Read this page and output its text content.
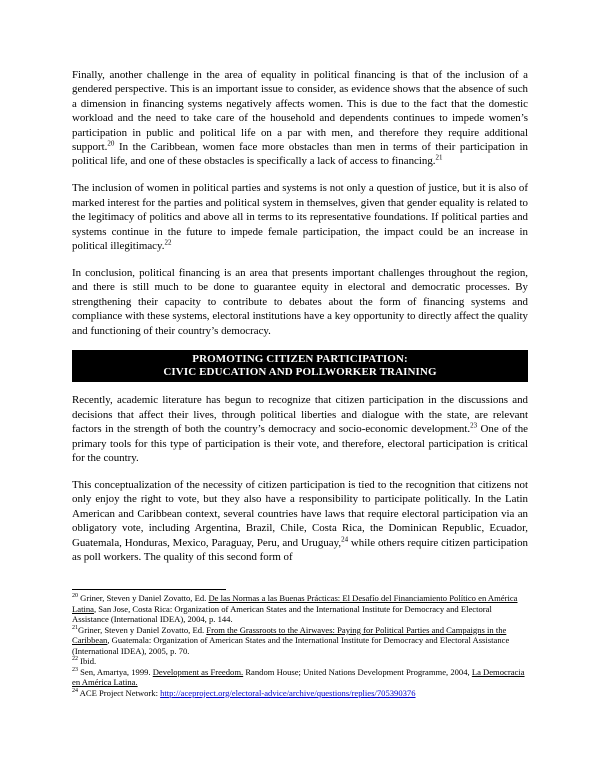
Finally, another challenge in the area of equality in political financing is that of the inclusion of a gendered perspective. This is an important issue to consider, as evidence shows that the absence of such a dimension in financing systems negatively affects women. This is due to the fact that the domestic workload and the need to take care of the household and dependents continues to impede women’s participation in public and political life on a par with men, and therefore they require additional support.$^{20}$ In the Caribbean, women face more obstacles than men in terms of their participation in political life, and one of these obstacles is specifically a lack of access to financing.$^{21}$

The inclusion of women in political parties and systems is not only a question of justice, but it is also of marked interest for the parties and political system in themselves, given that gender equality is related to the legitimacy of politics and above all in terms to its representative foundations. If political parties and systems continue in the future to impede female participation, the impact could be an increase in political illegitimacy.$^{22}$

In conclusion, political financing is an area that presents important challenges throughout the region, and there is still much to be done to guarantee equity in electoral and democratic processes. By strengthening their capacity to contribute to debates about the form of financing systems and compliance with these systems, electoral institutions have a key opportunity to directly affect the quality and functioning of their country’s democracy.

PROMOTING CITIZEN PARTICIPATION:
CIVIC EDUCATION AND POLLWORKER TRAINING

Recently, academic literature has begun to recognize that citizen participation in the discussions and decisions that affect their lives, through political liberties and dialogue with the state, are relevant factors in the strength of both the country’s democracy and socio-economic development.$^{23}$ One of the primary tools for this type of participation is their vote, and therefore, electoral participation is critical for the country.

This conceptualization of the necessity of citizen participation is tied to the recognition that citizens not only enjoy the right to vote, but they also have a responsibility to participate politically. In the Latin American and Caribbean context, several countries have laws that require electoral participation via an obligatory vote, including Argentina, Brazil, Chile, Costa Rica, the Dominican Republic, Ecuador, Guatemala, Honduras, Mexico, Paraguay, Peru, and Uruguay,$^{24}$ while others require citizen participation as poll workers. The quality of this second form of

$^{20}$ Griner, Steven y Daniel Zovatto, Ed. De las Normas a las Buenas Prácticas: El Desafío del Financiamiento Político en América Latina, San Jose, Costa Rica: Organization of American States and the International Institute for Democracy and Electoral Assistance (International IDEA), 2004, p. 144.

$^{21}$Griner, Steven y Daniel Zovatto, Ed. From the Grassroots to the Airwaves: Paying for Political Parties and Campaigns in the Caribbean, Guatemala: Organization of American States and the International Institute for Democracy and Electoral Assistance (International IDEA), 2005, p. 70.

$^{22}$ Ibid.

$^{23}$ Sen, Amartya, 1999. Development as Freedom. Random House; United Nations Development Programme, 2004, La Democracia en América Latina.

$^{24}$ ACE Project Network: http://aceproject.org/electoral-advice/archive/questions/replies/705390376
